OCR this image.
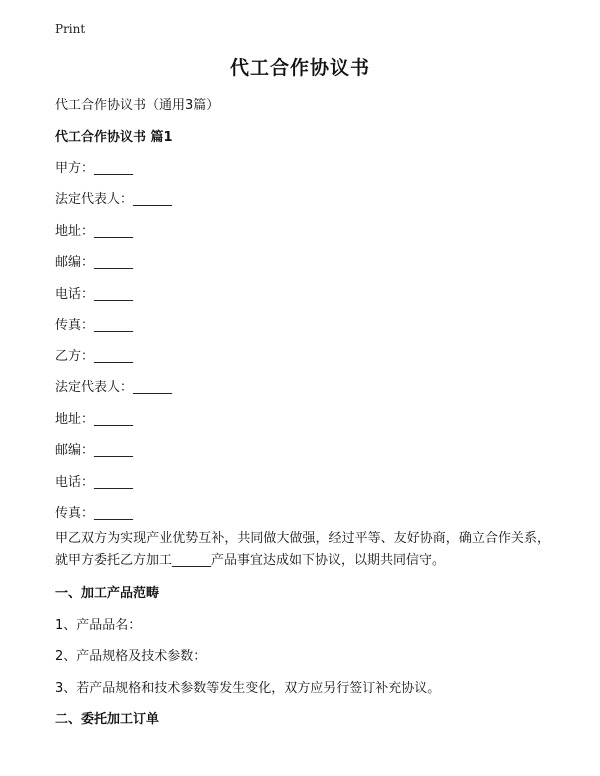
Print
代工合作协议书
代工合作协议书（通用3篇）
代工合作协议书 篇1
甲方：______
法定代表人：______
地址：______
邮编：______
电话：______
传真：______
乙方：______
法定代表人：______
地址：______
邮编：______
电话：______
传真：______
甲乙双方为实现产业优势互补，共同做大做强，经过平等、友好协商，确立合作关系，就甲方委托乙方加工______产品事宜达成如下协议，以期共同信守。
一、加工产品范畴
1、产品品名：
2、产品规格及技术参数：
3、若产品规格和技术参数等发生变化，双方应另行签订补充协议。
二、委托加工订单
